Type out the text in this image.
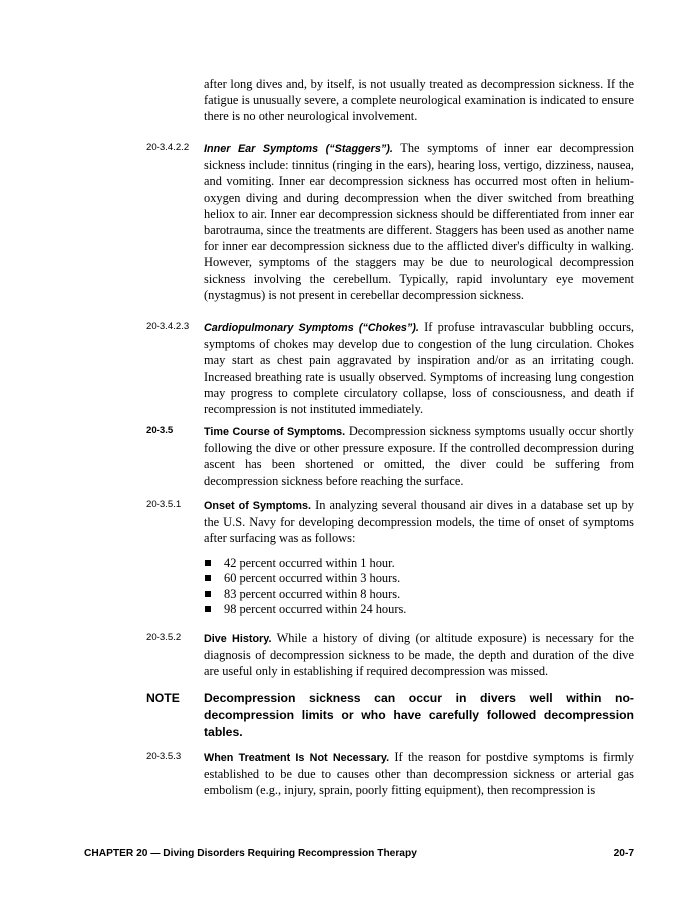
after long dives and, by itself, is not usually treated as decompression sickness. If the fatigue is unusually severe, a complete neurological examination is indicated to ensure there is no other neurological involvement.
20-3.4.2.2 Inner Ear Symptoms (“Staggers”). The symptoms of inner ear decompression sickness include: tinnitus (ringing in the ears), hearing loss, vertigo, dizziness, nausea, and vomiting. Inner ear decompression sickness has occurred most often in helium-oxygen diving and during decompression when the diver switched from breathing heliox to air. Inner ear decompression sickness should be differentiated from inner ear barotrauma, since the treatments are different. Staggers has been used as another name for inner ear decompression sickness due to the afflicted diver's difficulty in walking. However, symptoms of the staggers may be due to neurological decompression sickness involving the cerebellum. Typically, rapid involuntary eye movement (nystagmus) is not present in cerebellar decompression sickness.
20-3.4.2.3 Cardiopulmonary Symptoms (“Chokes”). If profuse intravascular bubbling occurs, symptoms of chokes may develop due to congestion of the lung circulation. Chokes may start as chest pain aggravated by inspiration and/or as an irritating cough. Increased breathing rate is usually observed. Symptoms of increasing lung congestion may progress to complete circulatory collapse, loss of consciousness, and death if recompression is not instituted immediately.
20-3.5	Time Course of Symptoms. Decompression sickness symptoms usually occur shortly following the dive or other pressure exposure. If the controlled decompression during ascent has been shortened or omitted, the diver could be suffering from decompression sickness before reaching the surface.
20-3.5.1 Onset of Symptoms. In analyzing several thousand air dives in a database set up by the U.S. Navy for developing decompression models, the time of onset of symptoms after surfacing was as follows:
42 percent occurred within 1 hour.
60 percent occurred within 3 hours.
83 percent occurred within 8 hours.
98 percent occurred within 24 hours.
20-3.5.2 Dive History. While a history of diving (or altitude exposure) is necessary for the diagnosis of decompression sickness to be made, the depth and duration of the dive are useful only in establishing if required decompression was missed.
NOTE Decompression sickness can occur in divers well within no-decompression limits or who have carefully followed decompression tables.
20-3.5.3 When Treatment Is Not Necessary. If the reason for postdive symptoms is firmly established to be due to causes other than decompression sickness or arterial gas embolism (e.g., injury, sprain, poorly fitting equipment), then recompression is
CHAPTER 20 — Diving Disorders Requiring Recompression Therapy	20-7
